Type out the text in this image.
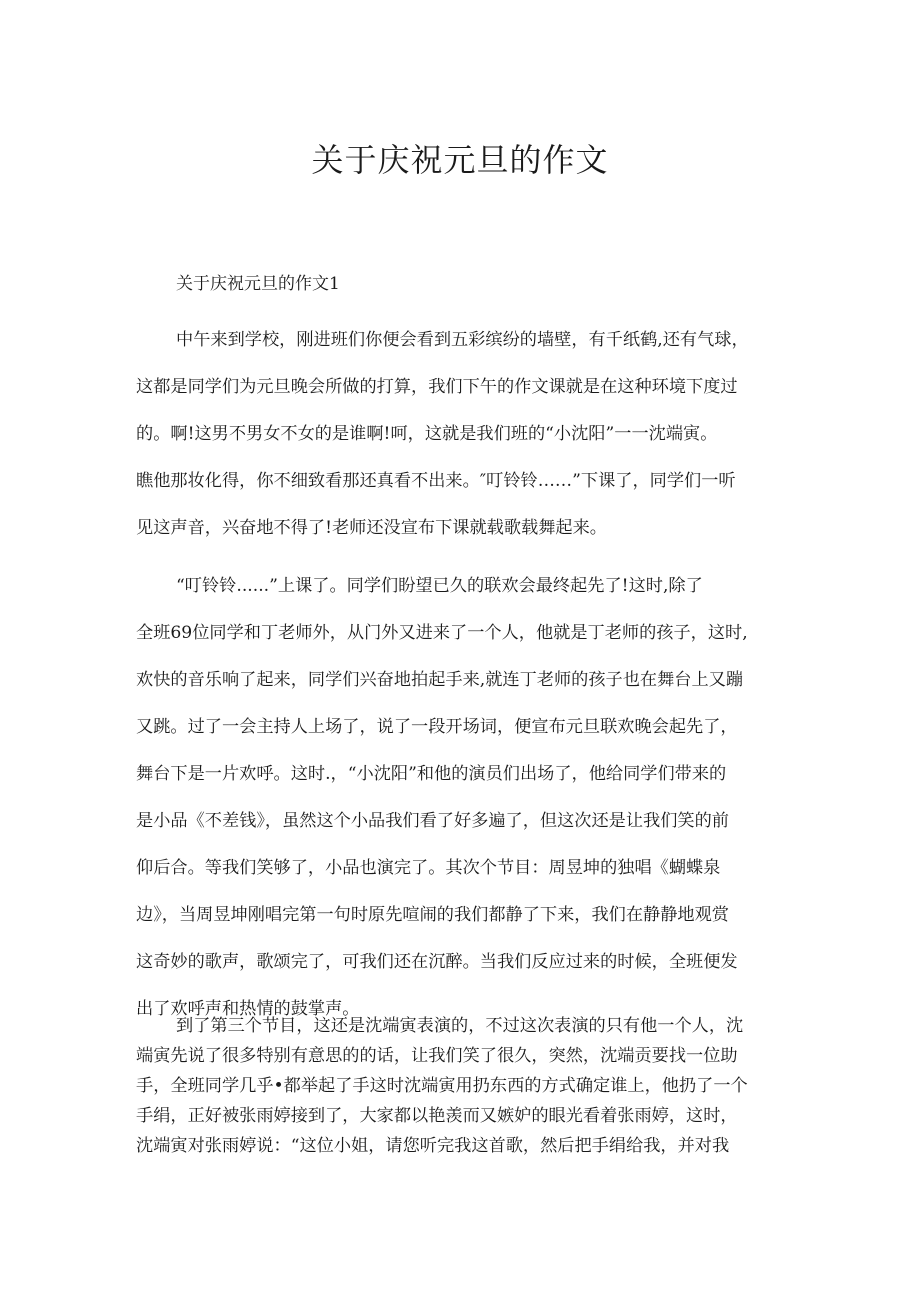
关于庆祝元旦的作文

关于庆祝元旦的作文1

中午来到学校，刚进班们你便会看到五彩缤纷的墙壁，有千纸鹤,还有气球，
这都是同学们为元旦晚会所做的打算，我们下午的作文课就是在这种环境下度过
的。啊!这男不男女不女的是谁啊!呵，这就是我们班的“小沈阳”一一沈端寅。
瞧他那妆化得，你不细致看那还真看不出来。″叮铃铃……”下课了，同学们一听
见这声音，兴奋地不得了!老师还没宣布下课就载歌载舞起来。
“叮铃铃......”上课了。同学们盼望已久的联欢会最终起先了!这时,除了
全班69位同学和丁老师外，从门外又进来了一个人，他就是丁老师的孩子，这时,
欢快的音乐响了起来，同学们兴奋地拍起手来,就连丁老师的孩子也在舞台上又蹦
又跳。过了一会主持人上场了，说了一段开场词，便宣布元旦联欢晚会起先了，
舞台下是一片欢呼。这时.，“小沈阳”和他的演员们出场了，他给同学们带来的
是小品《不差钱》，虽然这个小品我们看了好多遍了，但这次还是让我们笑的前
仰后合。等我们笑够了，小品也演完了。其次个节目：周昱坤的独唱《蝴蝶泉
边》，当周昱坤刚唱完第一句时原先喧闹的我们都静了下来，我们在静静地观赏
这奇妙的歌声，歌颂完了，可我们还在沉醉。当我们反应过来的时候，全班便发
出了欢呼声和热情的鼓掌声。
到了第三个节目，这还是沈端寅表演的，不过这次表演的只有他一个人，沈
端寅先说了很多特别有意思的的话，让我们笑了很久，突然，沈端贡要找一位助
手，全班同学几乎•都举起了手这时沈端寅用扔东西的方式确定谁上，他扔了一个
手绢，正好被张雨婷接到了，大家都以艳羡而又嫉妒的眼光看着张雨婷，这时，
沈端寅对张雨婷说：“这位小姐，请您听完我这首歌，然后把手绢给我，并对我
